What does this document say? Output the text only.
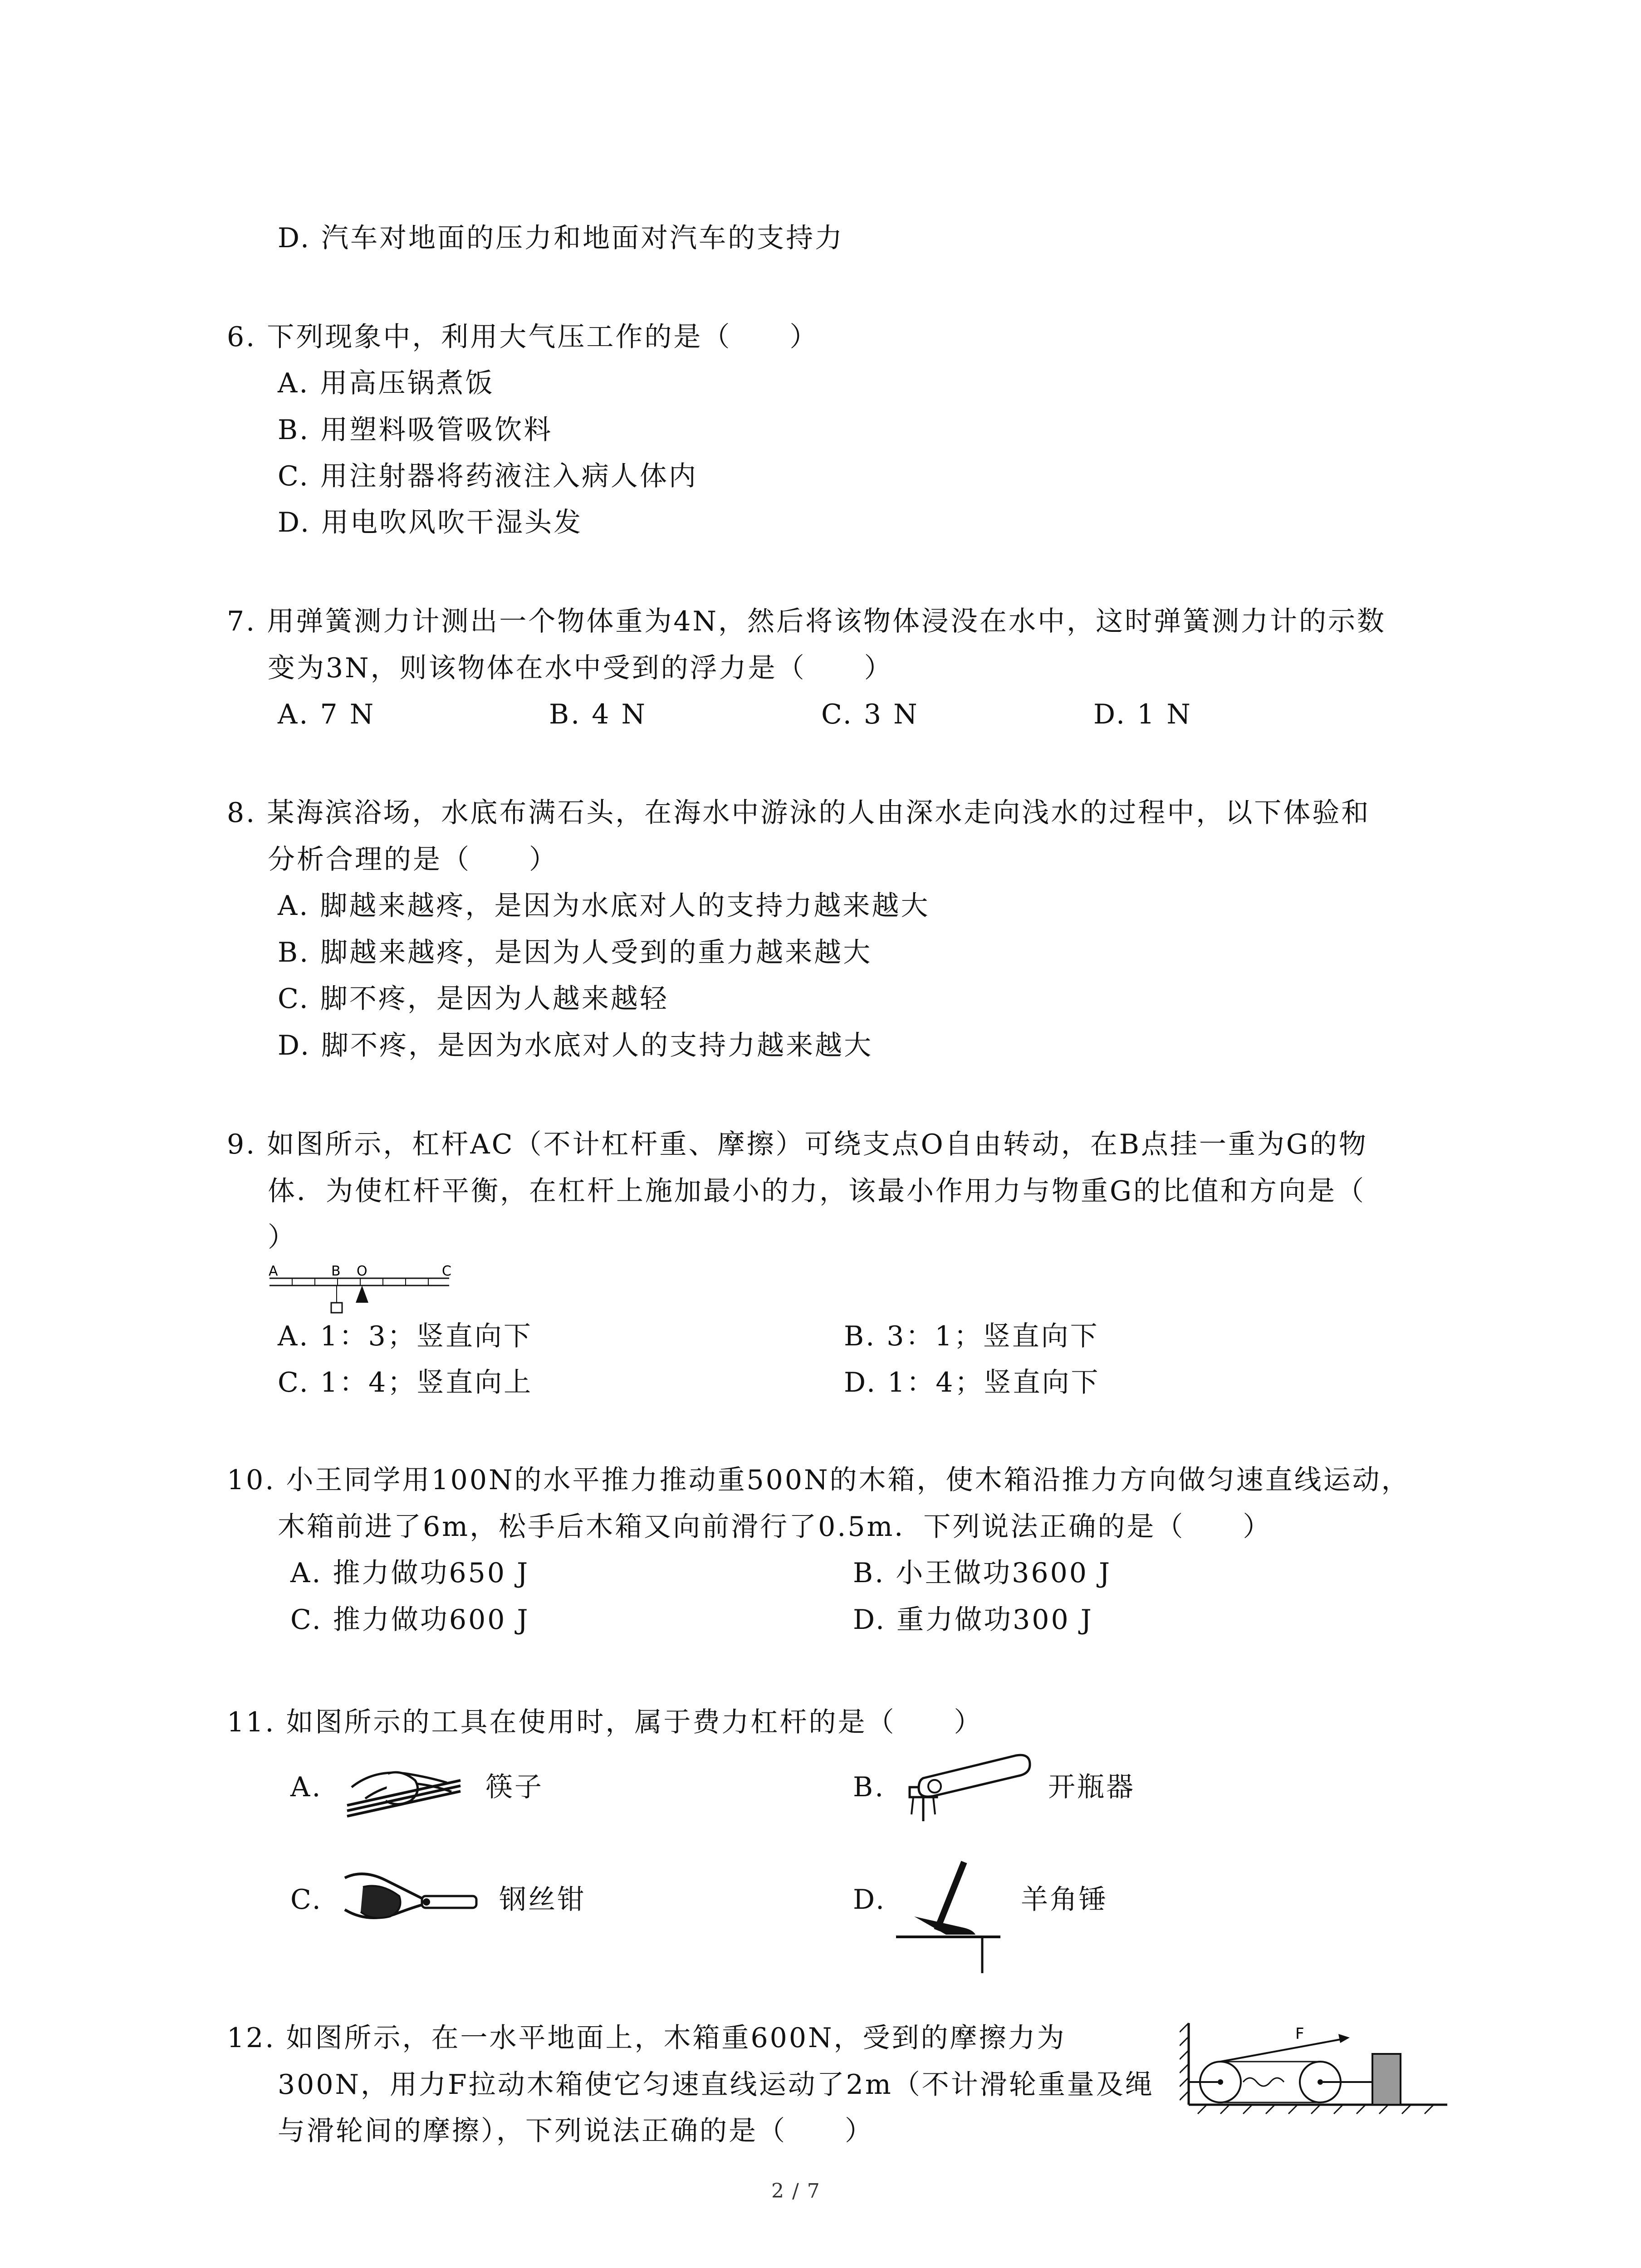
D. 汽车对地面的压力和地面对汽车的支持力
6. 下列现象中，利用大气压工作的是（　　）
A. 用高压锅煮饭
B. 用塑料吸管吸饮料
C. 用注射器将药液注入病人体内
D. 用电吹风吹干湿头发
7. 用弹簧测力计测出一个物体重为4N，然后将该物体浸没在水中，这时弹簧测力计的示数
变为3N，则该物体在水中受到的浮力是（　　）
A. 7 N	B. 4 N	C. 3 N	D. 1 N
8. 某海滨浴场，水底布满石头，在海水中游泳的人由深水走向浅水的过程中，以下体验和
分析合理的是（　　）
A. 脚越来越疼，是因为水底对人的支持力越来越大
B. 脚越来越疼，是因为人受到的重力越来越大
C. 脚不疼，是因为人越来越轻
D. 脚不疼，是因为水底对人的支持力越来越大
9. 如图所示，杠杆AC（不计杠杆重、摩擦）可绕支点O自由转动，在B点挂一重为G的物
体．为使杠杆平衡，在杠杆上施加最小的力，该最小作用力与物重G的比值和方向是（
）
A	B O	C
A. 1：3；竖直向下	B. 3：1；竖直向下
C. 1：4；竖直向上	D. 1：4；竖直向下
10. 小王同学用100N的水平推力推动重500N的木箱，使木箱沿推力方向做匀速直线运动，
木箱前进了6m，松手后木箱又向前滑行了0.5m．下列说法正确的是（　　）
A. 推力做功650 J	B. 小王做功3600 J
C. 推力做功600 J	D. 重力做功300 J
11. 如图所示的工具在使用时，属于费力杠杆的是（　　）
A.	筷子	B.	开瓶器
C.	钢丝钳	D.	羊角锤
12. 如图所示，在一水平地面上，木箱重600N，受到的摩擦力为
300N，用力F拉动木箱使它匀速直线运动了2m（不计滑轮重量及绳
与滑轮间的摩擦），下列说法正确的是（　　）
F
2 / 7
